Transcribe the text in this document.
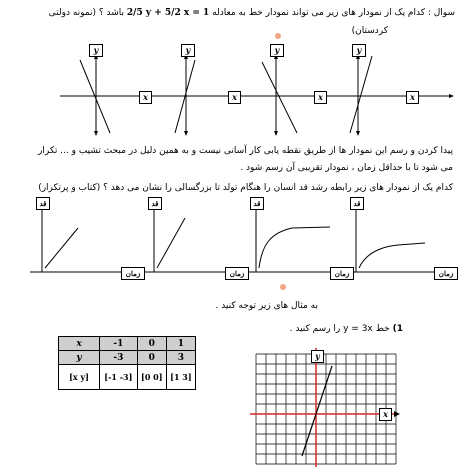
سوال : کدام یک از نمودار های زیر می تواند نمودار خط به معادله 2/5 y + 5/2 x = 1 باشد ؟ (نمونه دولتی
کردستان)
y
x
y
x
y
x
y
x
پیدا کردن و رسم این نمودار ها از طریق نقطه یابی کار آسانی نیست و به همین دلیل در مبحث تشیب و ... تکرار
می شود تا با حداقل زمان ، نمودار تقریبی آن رسم شود .
کدام یک از نمودار های زیر رابطه رشد قد انسان را هنگام تولد تا بزرگسالی را نشان می دهد ؟ (کتاب و پرتکرار)
قد	قد	قد	قد
زمان	زمان	زمان	زمان
به مثال های زیر توجه کنید .
1) خط y = 3x را رسم کنید .
x	-1	0	1
y	-3	0	3
[x y]	[-1 -3]	[0 0]	[1 3]
y
x
